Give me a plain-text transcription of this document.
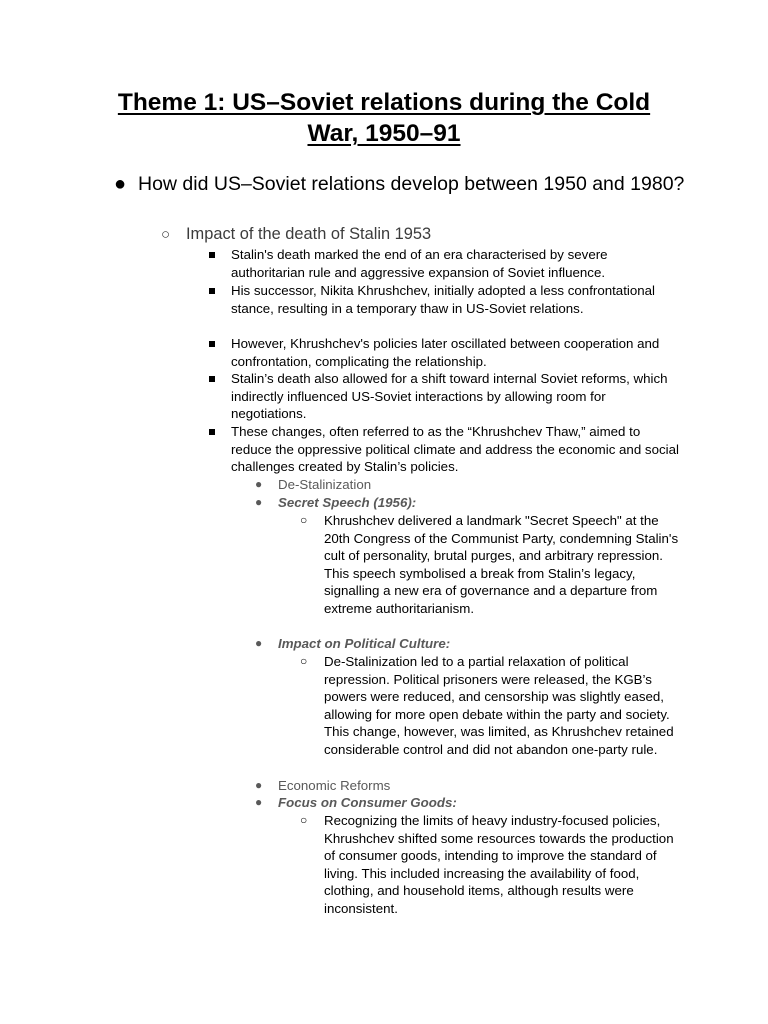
Theme 1: US–Soviet relations during the Cold War, 1950–91
● How did US–Soviet relations develop between 1950 and 1980?
○ Impact of the death of Stalin 1953
Stalin's death marked the end of an era characterised by severe authoritarian rule and aggressive expansion of Soviet influence.
His successor, Nikita Khrushchev, initially adopted a less confrontational stance, resulting in a temporary thaw in US-Soviet relations.
However, Khrushchev's policies later oscillated between cooperation and confrontation, complicating the relationship.
Stalin’s death also allowed for a shift toward internal Soviet reforms, which indirectly influenced US-Soviet interactions by allowing room for negotiations.
These changes, often referred to as the “Khrushchev Thaw,” aimed to reduce the oppressive political climate and address the economic and social challenges created by Stalin’s policies.
● De-Stalinization
● Secret Speech (1956):
○ Khrushchev delivered a landmark "Secret Speech" at the 20th Congress of the Communist Party, condemning Stalin's cult of personality, brutal purges, and arbitrary repression. This speech symbolised a break from Stalin’s legacy, signalling a new era of governance and a departure from extreme authoritarianism.
● Impact on Political Culture:
○ De-Stalinization led to a partial relaxation of political repression. Political prisoners were released, the KGB’s powers were reduced, and censorship was slightly eased, allowing for more open debate within the party and society. This change, however, was limited, as Khrushchev retained considerable control and did not abandon one-party rule.
● Economic Reforms
● Focus on Consumer Goods:
○ Recognizing the limits of heavy industry-focused policies, Khrushchev shifted some resources towards the production of consumer goods, intending to improve the standard of living. This included increasing the availability of food, clothing, and household items, although results were inconsistent.
